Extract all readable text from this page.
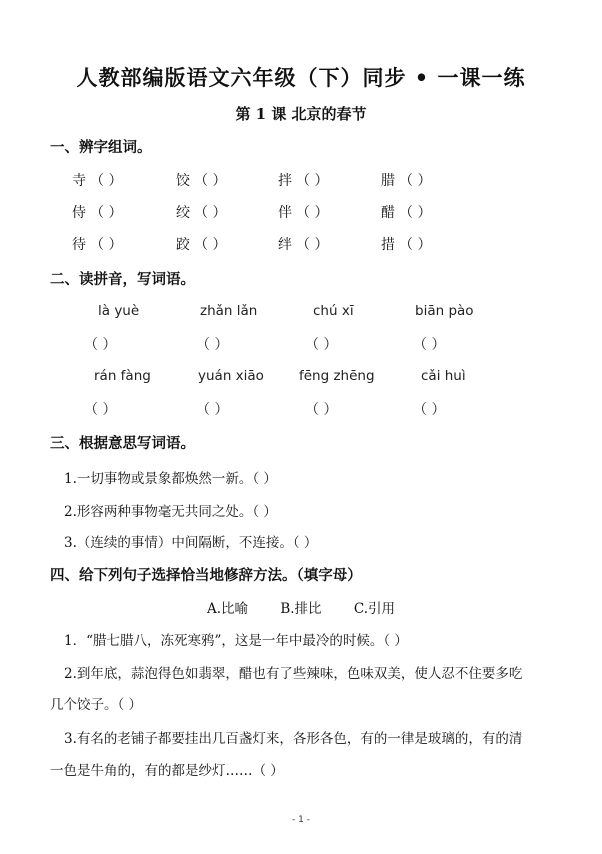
人教部编版语文六年级（下）同步 • 一课一练
第 1 课 北京的春节
一、辨字组词。
寺 （ ）	饺 （ ）	拌 （ ）	腊 （ ）
侍 （ ）	绞 （ ）	伴 （ ）	醋 （ ）
待 （ ）	跤 （ ）	绊 （ ）	措 （ ）
二、读拼音，写词语。
là yuè	zhǎn lǎn	chú xī	biān pào
（ ）	（ ）	（ ）	（ ）
rán fàng	yuán xiāo	fēng zhēng	cǎi huì
（ ）	（ ）	（ ）	（ ）
三、根据意思写词语。
1.一切事物或景象都焕然一新。（ ）
2.形容两种事物毫无共同之处。（ ）
3.（连续的事情）中间隔断，不连接。（ ）
四、给下列句子选择恰当地修辞方法。（填字母）
A.比喻 B.排比 C.引用
1．“腊七腊八，冻死寒鸦”，这是一年中最冷的时候。（ ）
2.到年底，蒜泡得色如翡翠，醋也有了些辣味，色味双美，使人忍不住要多吃
几个饺子。（ ）
3.有名的老铺子都要挂出几百盏灯来，各形各色，有的一律是玻璃的，有的清
一色是牛角的，有的都是纱灯……（ ）
- 1 -
